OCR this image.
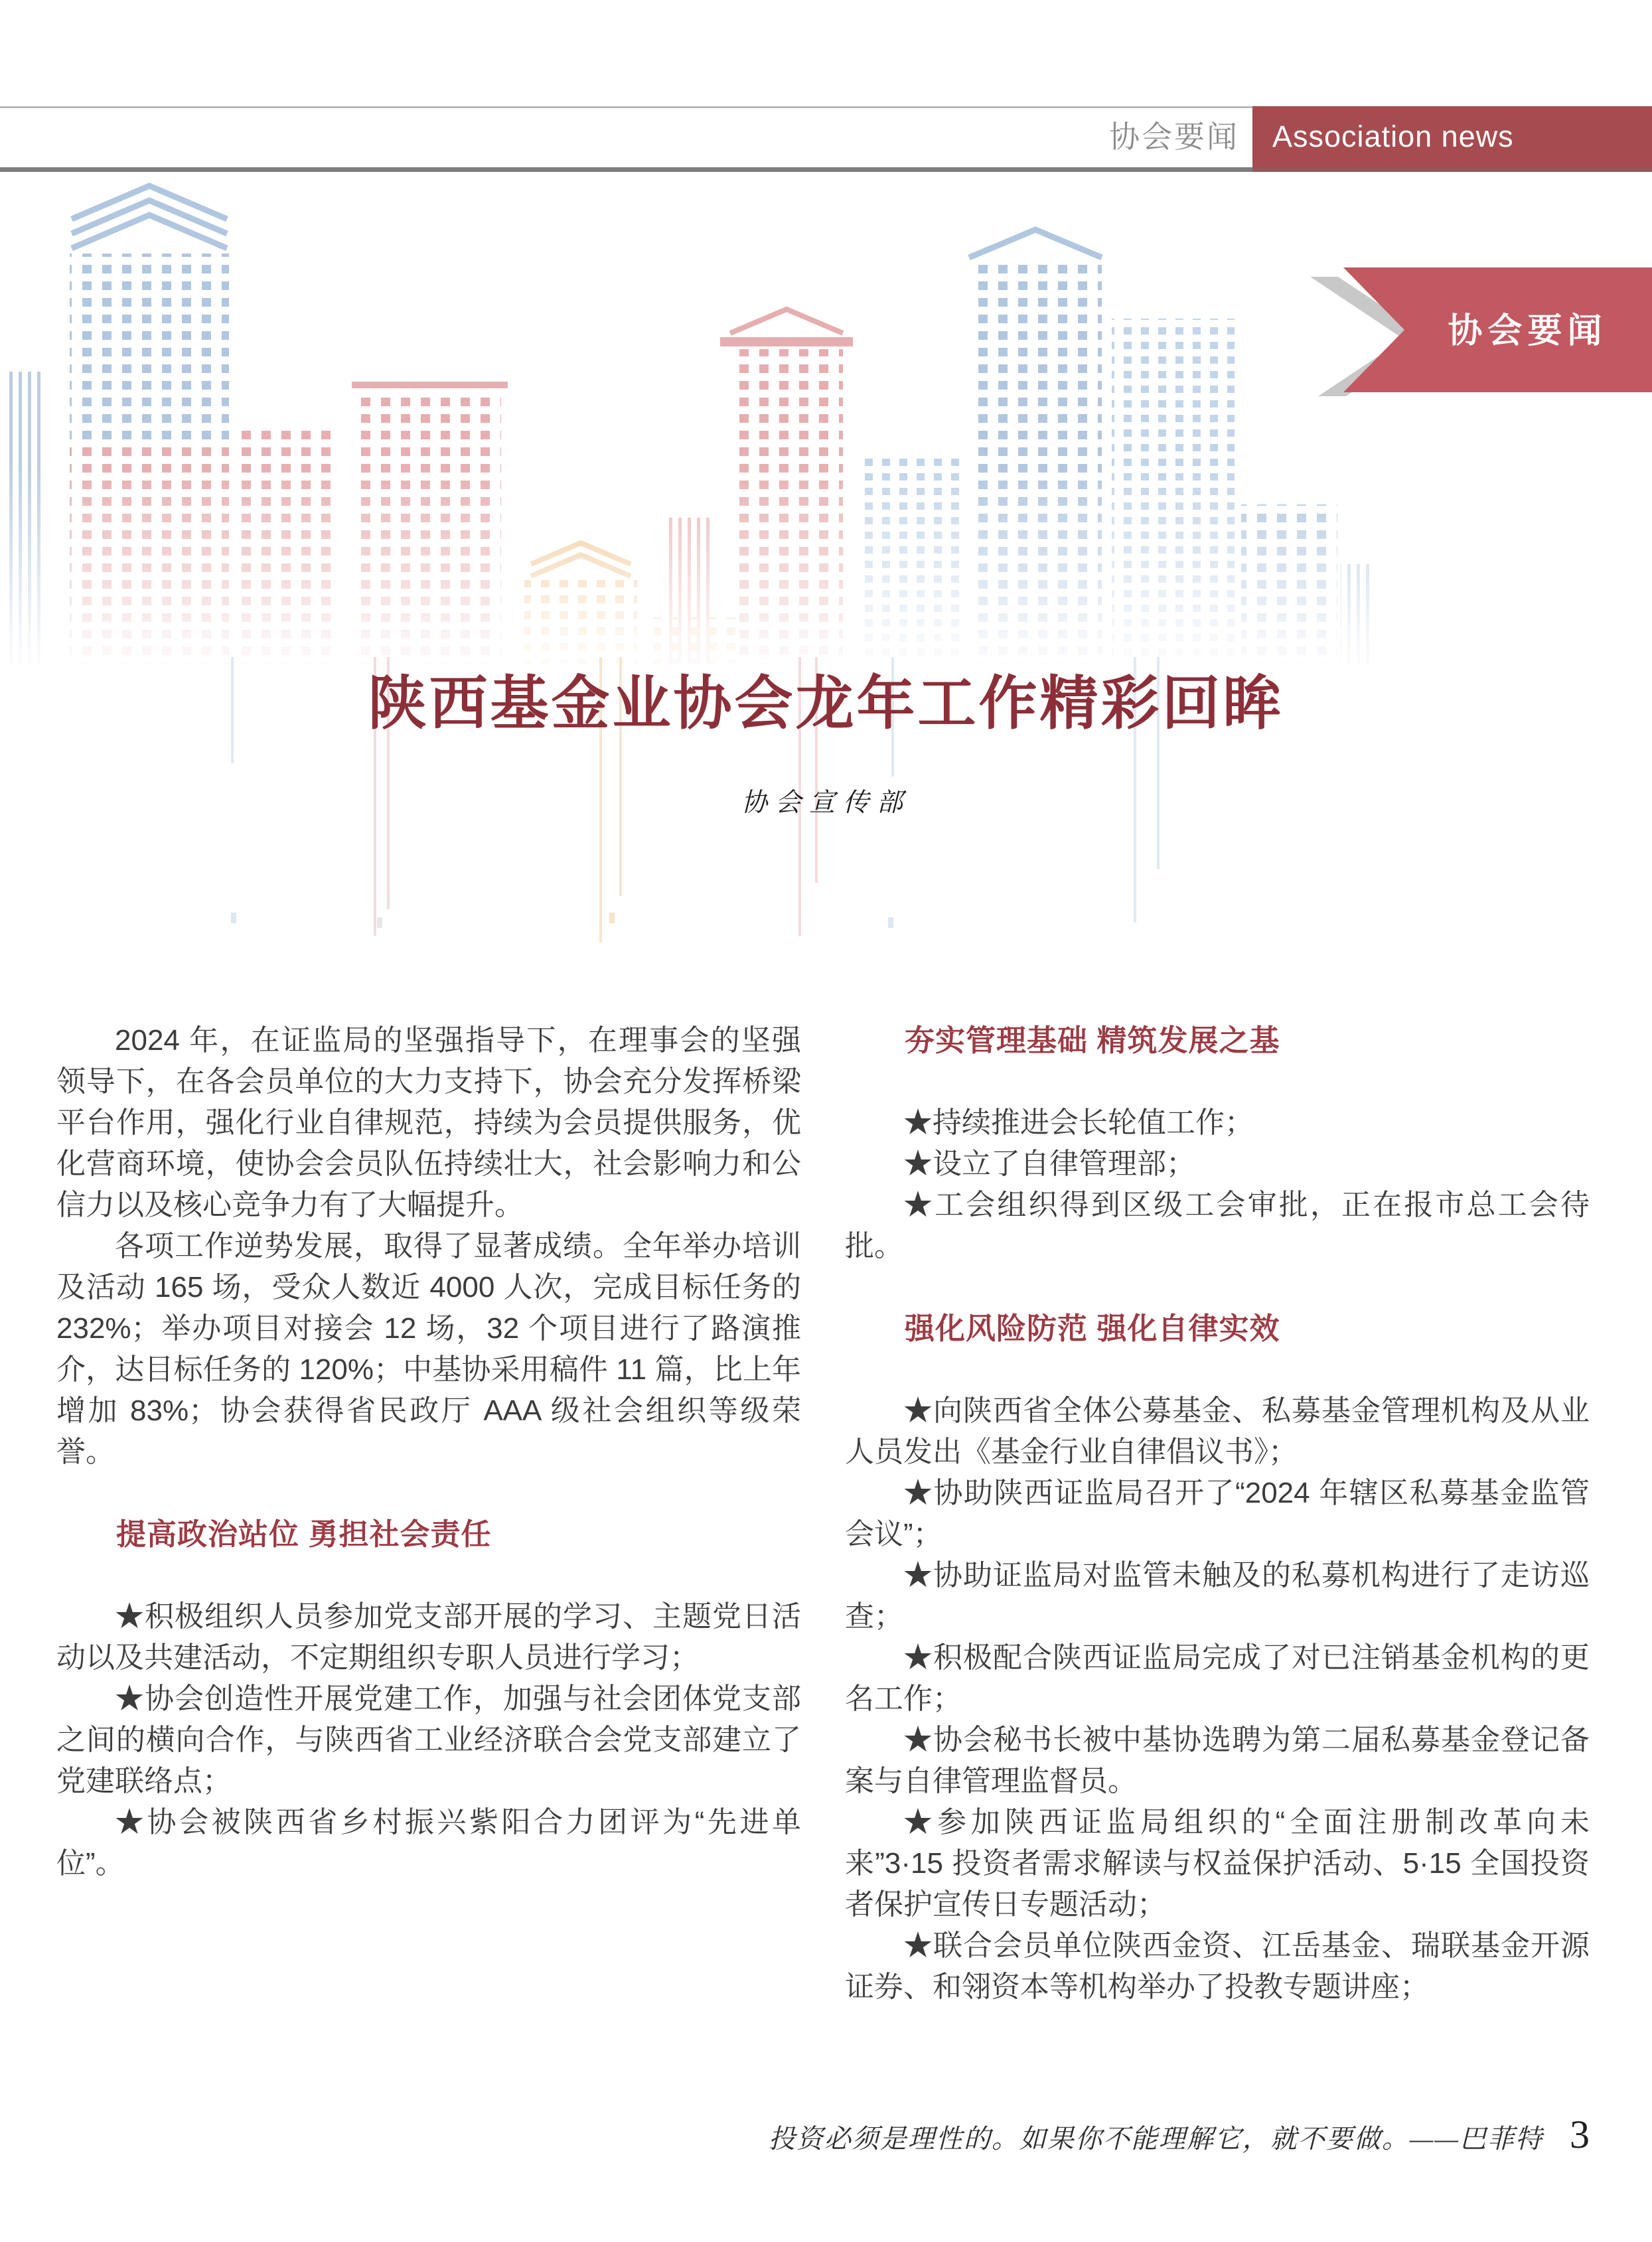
协会要闻	Association news
协会要闻
陕西基金业协会龙年工作精彩回眸
协会宣传部

2024 年，在证监局的坚强指导下，在理事会的坚强领导下，在各会员单位的大力支持下，协会充分发挥桥梁平台作用，强化行业自律规范，持续为会员提供服务，优化营商环境，使协会会员队伍持续壮大，社会影响力和公信力以及核心竞争力有了大幅提升。

各项工作逆势发展，取得了显著成绩。全年举办培训及活动 165 场，受众人数近 4000 人次，完成目标任务的 232%；举办项目对接会 12 场，32 个项目进行了路演推介，达目标任务的 120%；中基协采用稿件 11 篇，比上年增加 83%；协会获得省民政厅 AAA 级社会组织等级荣誉。

提高政治站位 勇担社会责任

★积极组织人员参加党支部开展的学习、主题党日活动以及共建活动，不定期组织专职人员进行学习；

★协会创造性开展党建工作，加强与社会团体党支部之间的横向合作，与陕西省工业经济联合会党支部建立了党建联络点；

★协会被陕西省乡村振兴紫阳合力团评为“先进单位”。

夯实管理基础 精筑发展之基

★持续推进会长轮值工作；

★设立了自律管理部；

★工会组织得到区级工会审批，正在报市总工会待批。

强化风险防范 强化自律实效

★向陕西省全体公募基金、私募基金管理机构及从业人员发出《基金行业自律倡议书》；

★协助陕西证监局召开了“2024 年辖区私募基金监管会议”；

★协助证监局对监管未触及的私募机构进行了走访巡查；

★积极配合陕西证监局完成了对已注销基金机构的更名工作；

★协会秘书长被中基协选聘为第二届私募基金登记备案与自律管理监督员。

★参加陕西证监局组织的“全面注册制改革向未来”3·15 投资者需求解读与权益保护活动、5·15 全国投资者保护宣传日专题活动；

★联合会员单位陕西金资、江岳基金、瑞联基金开源证券、和翎资本等机构举办了投教专题讲座；

投资必须是理性的。如果你不能理解它，就不要做。——巴菲特 3
